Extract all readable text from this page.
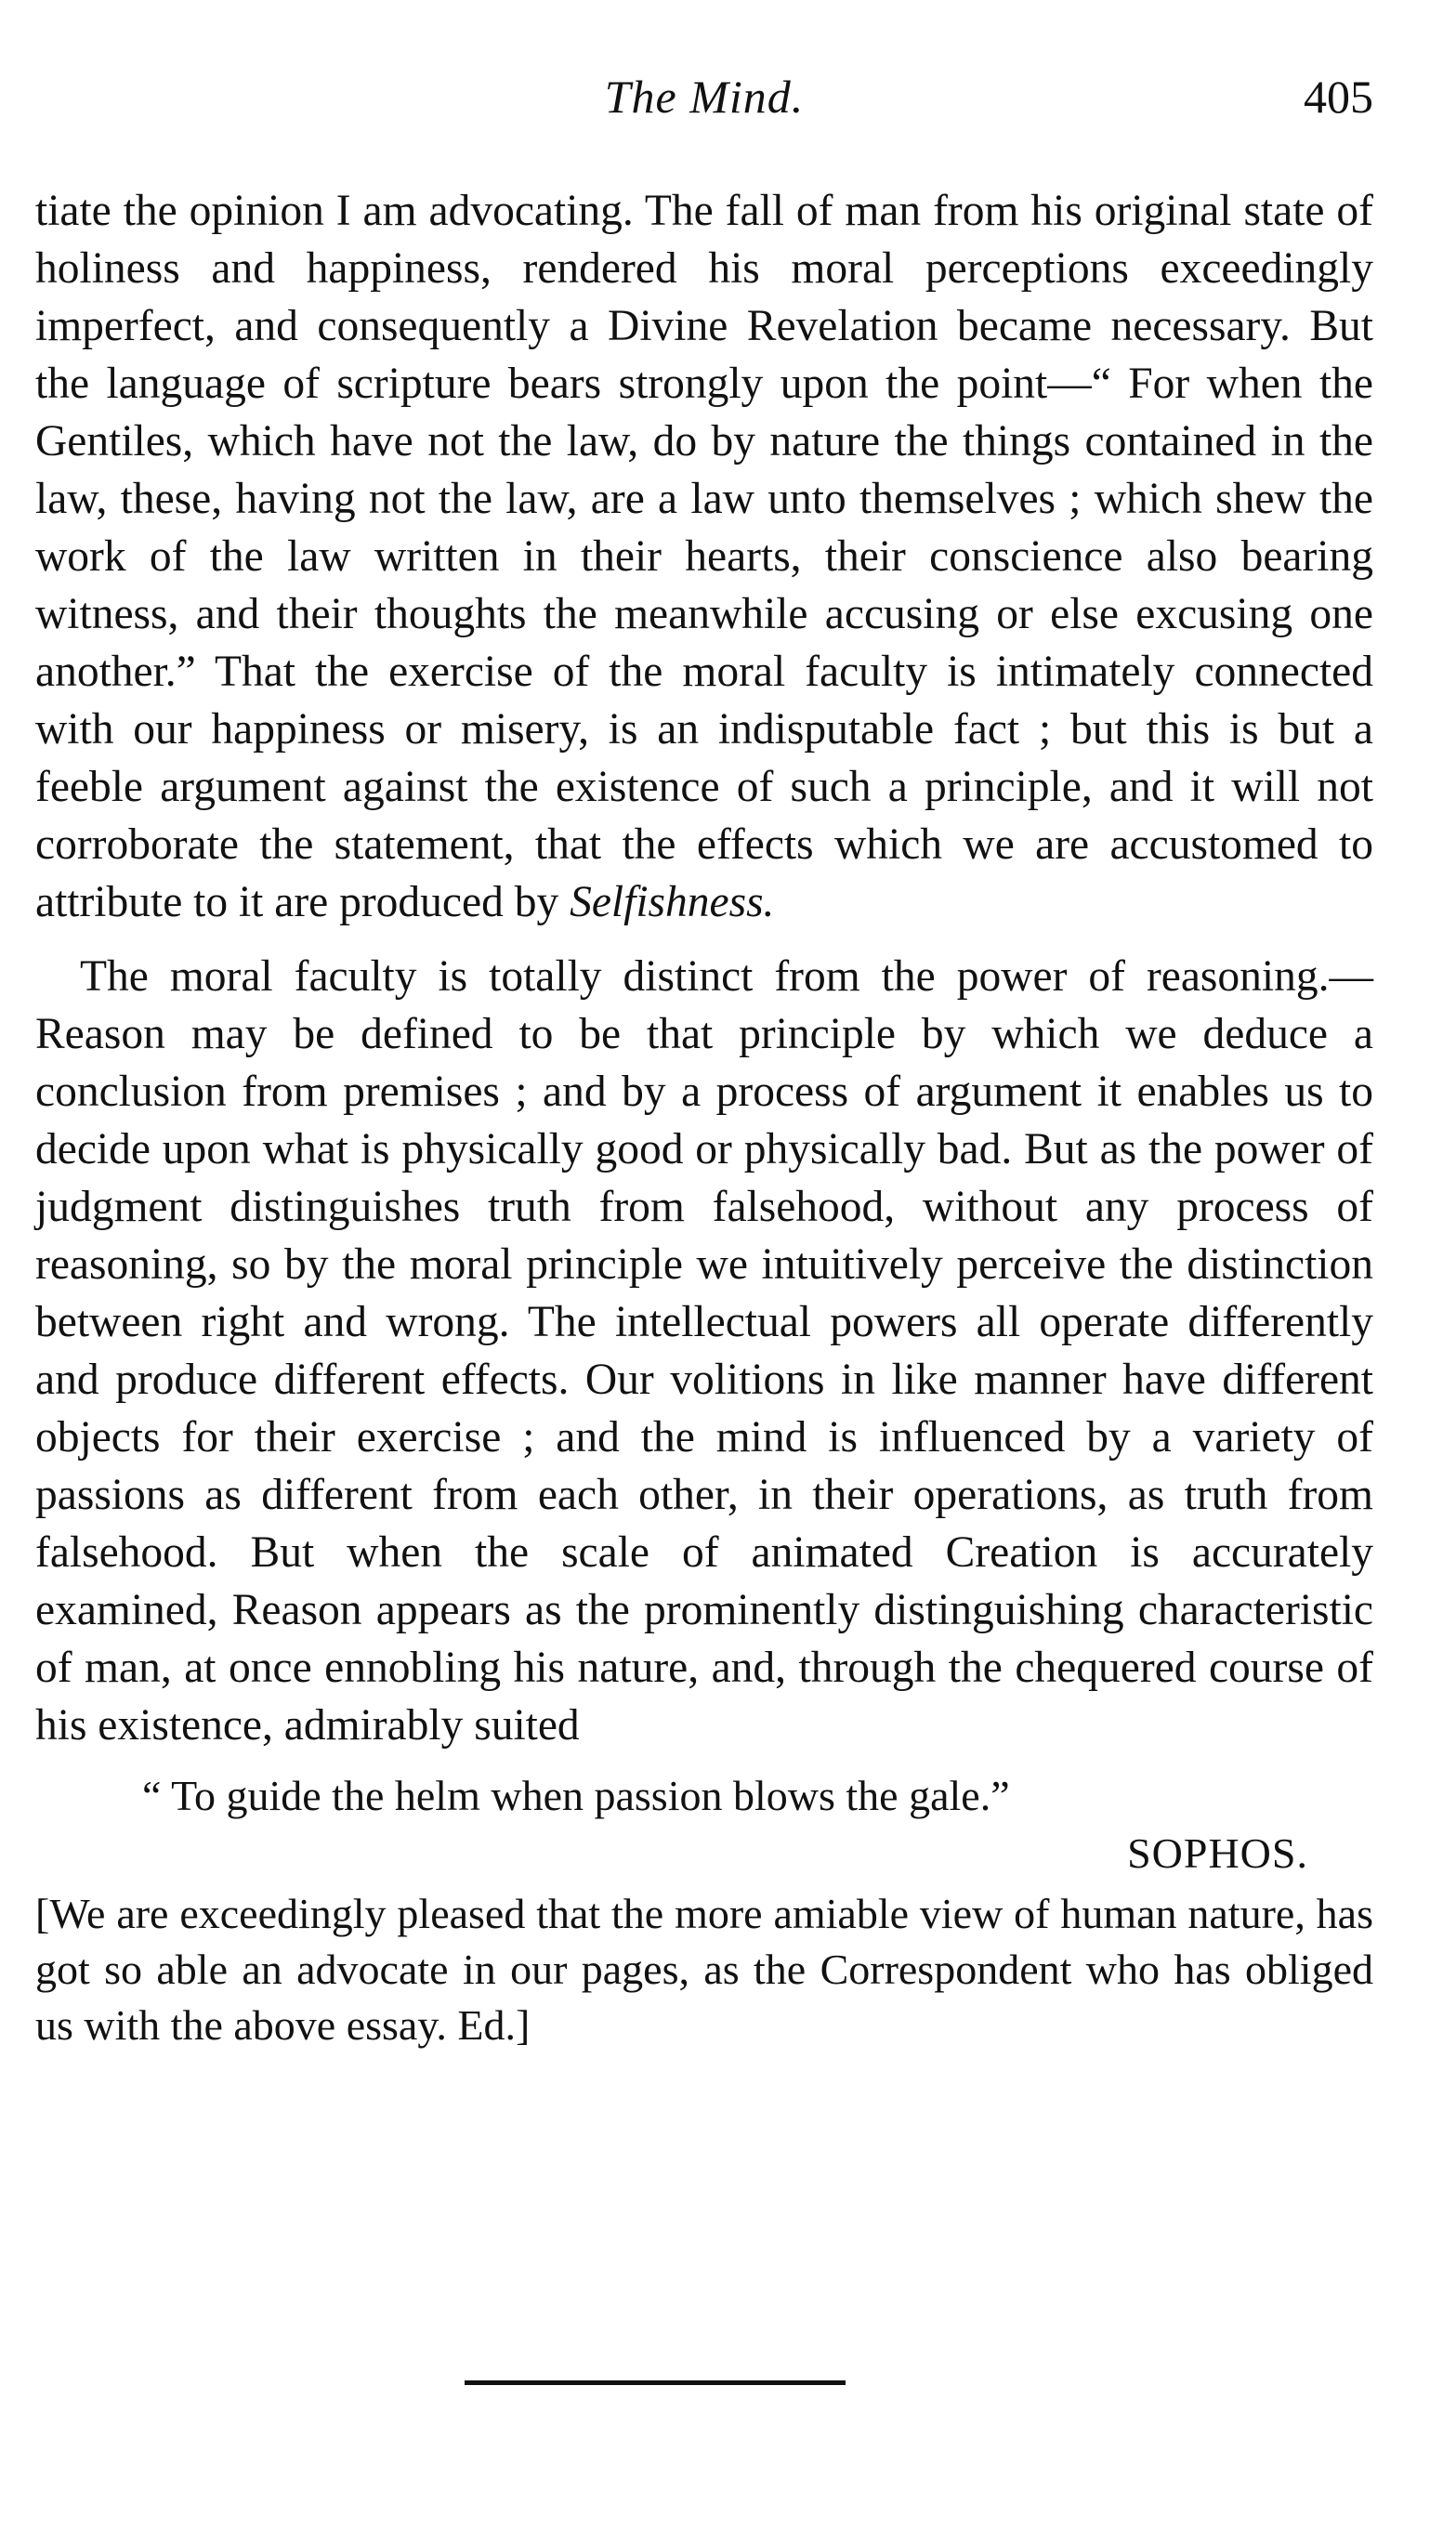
The Mind.	405

tiate the opinion I am advocating. The fall of man from his original state of holiness and happiness, rendered his moral perceptions exceedingly imperfect, and consequently a Divine Revelation became necessary. But the language of scripture bears strongly upon the point—“ For when the Gentiles, which have not the law, do by nature the things contained in the law, these, having not the law, are a law unto themselves ; which shew the work of the law written in their hearts, their conscience also bearing witness, and their thoughts the meanwhile accusing or else excusing one another.” That the exercise of the moral faculty is intimately connected with our happiness or misery, is an indisputable fact ; but this is but a feeble argument against the existence of such a principle, and it will not corroborate the statement, that the effects which we are accustomed to attribute to it are produced by Selfishness.

The moral faculty is totally distinct from the power of reasoning.—Reason may be defined to be that principle by which we deduce a conclusion from premises ; and by a process of argument it enables us to decide upon what is physically good or physically bad. But as the power of judgment distinguishes truth from falsehood, without any process of reasoning, so by the moral principle we intuitively perceive the distinction between right and wrong. The intellectual powers all operate differently and produce different effects. Our volitions in like manner have different objects for their exercise ; and the mind is influenced by a variety of passions as different from each other, in their operations, as truth from falsehood. But when the scale of animated Creation is accurately examined, Reason appears as the prominently distinguishing characteristic of man, at once ennobling his nature, and, through the chequered course of his existence, admirably suited

“ To guide the helm when passion blows the gale.”
SOPHOS.
[We are exceedingly pleased that the more amiable view of human nature, has got so able an advocate in our pages, as the Correspondent who has obliged us with the above essay. Ed.]
